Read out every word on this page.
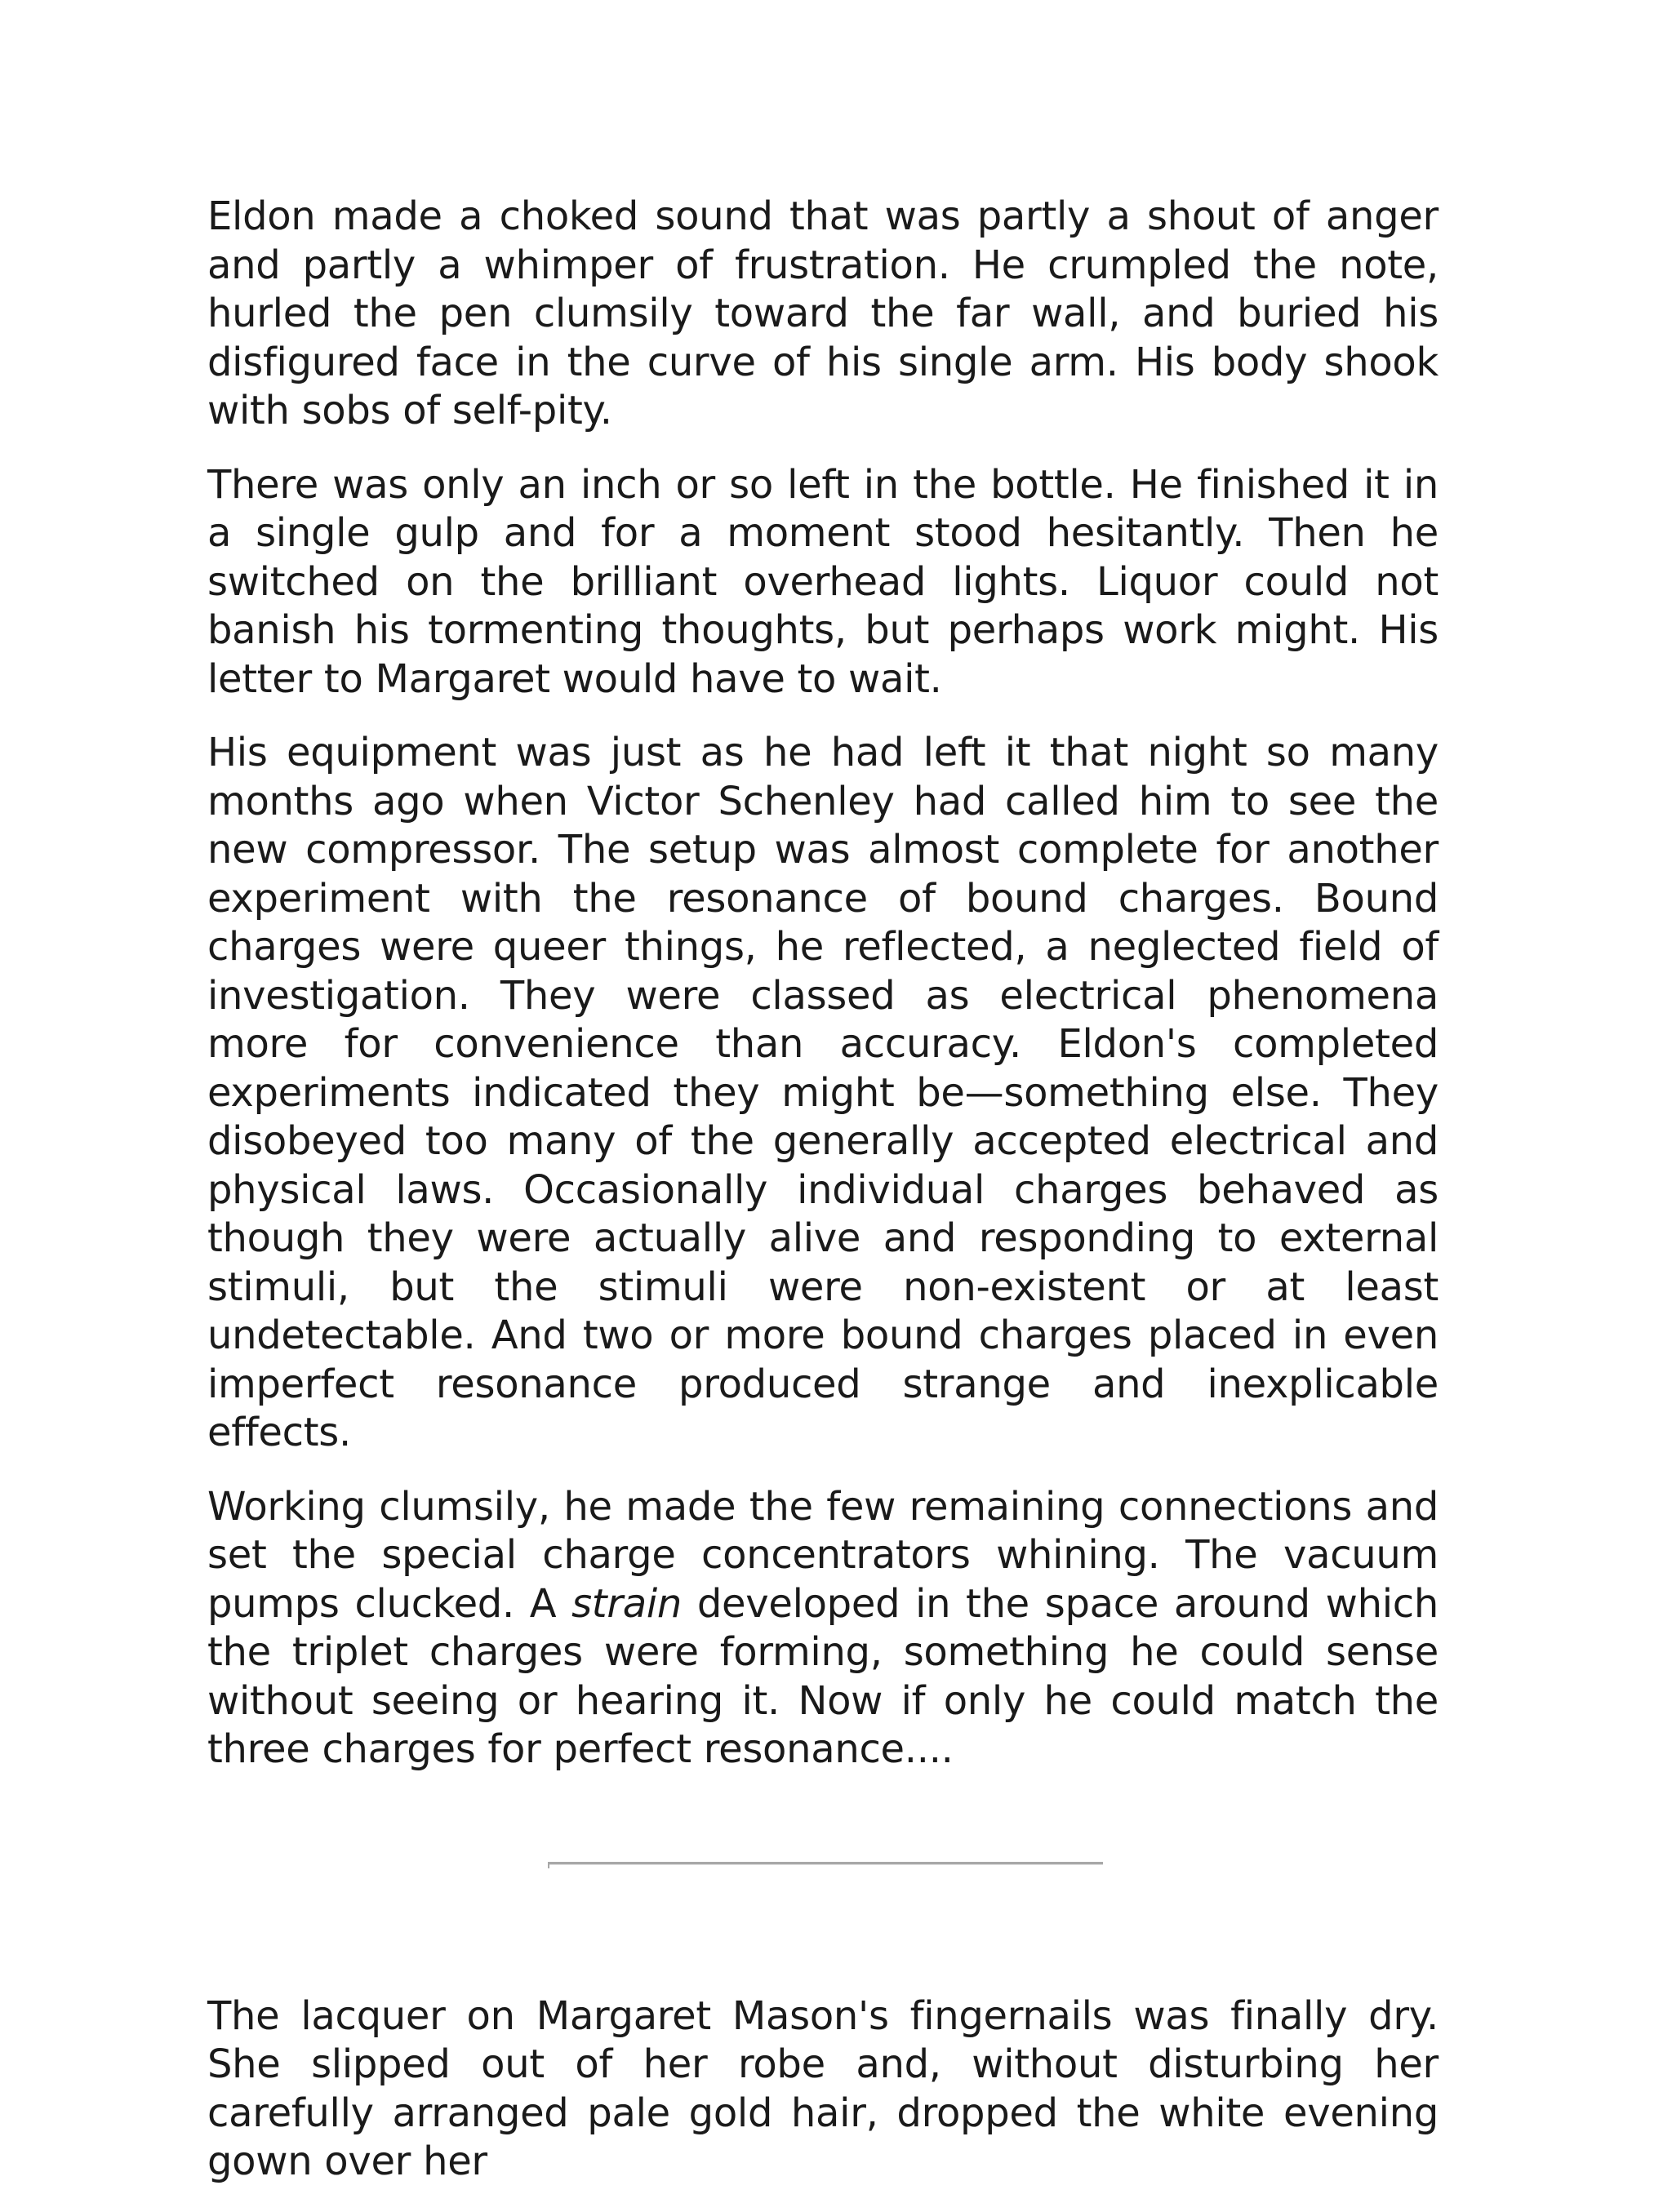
Eldon made a choked sound that was partly a shout of anger and partly a whimper of frustration. He crumpled the note, hurled the pen clumsily toward the far wall, and buried his disfigured face in the curve of his single arm. His body shook with sobs of self-pity.

There was only an inch or so left in the bottle. He finished it in a single gulp and for a moment stood hesitantly. Then he switched on the brilliant overhead lights. Liquor could not banish his tormenting thoughts, but perhaps work might. His letter to Margaret would have to wait.

His equipment was just as he had left it that night so many months ago when Victor Schenley had called him to see the new compressor. The setup was almost complete for another experiment with the resonance of bound charges. Bound charges were queer things, he reflected, a neglected field of investigation. They were classed as electrical phenomena more for convenience than accuracy. Eldon's completed experiments indicated they might be—something else. They disobeyed too many of the generally accepted electrical and physical laws. Occasionally individual charges behaved as though they were actually alive and responding to external stimuli, but the stimuli were non-existent or at least undetectable. And two or more bound charges placed in even imperfect resonance produced strange and inexplicable effects.

Working clumsily, he made the few remaining connections and set the special charge concentrators whining. The vacuum pumps clucked. A strain developed in the space around which the triplet charges were forming, something he could sense without seeing or hearing it. Now if only he could match the three charges for perfect resonance....

The lacquer on Margaret Mason's fingernails was finally dry. She slipped out of her robe and, without disturbing her carefully arranged pale gold hair, dropped the white evening gown over her
